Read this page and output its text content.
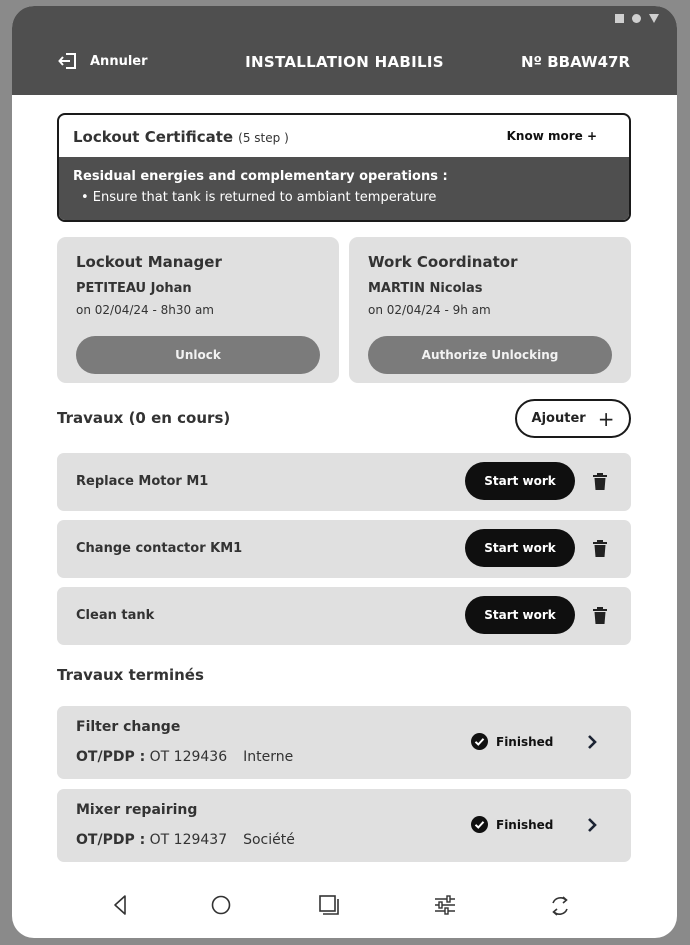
Annuler	INSTALLATION HABILIS	Nº BBAW47R
Lockout Certificate (5 step )	Know more +
Residual energies and complementary operations :
• Ensure that tank is returned to ambiant temperature
Lockout Manager
PETITEAU Johan
on 02/04/24 - 8h30 am
Unlock
Work Coordinator
MARTIN Nicolas
on 02/04/24 - 9h am
Authorize Unlocking
Travaux (0 en cours)	Ajouter +
Replace Motor M1	Start work
Change contactor KM1	Start work
Clean tank	Start work
Travaux terminés
Filter change
OT/PDP : OT 129436 Interne
Finished
Mixer repairing
OT/PDP : OT 129437 Société
Finished
